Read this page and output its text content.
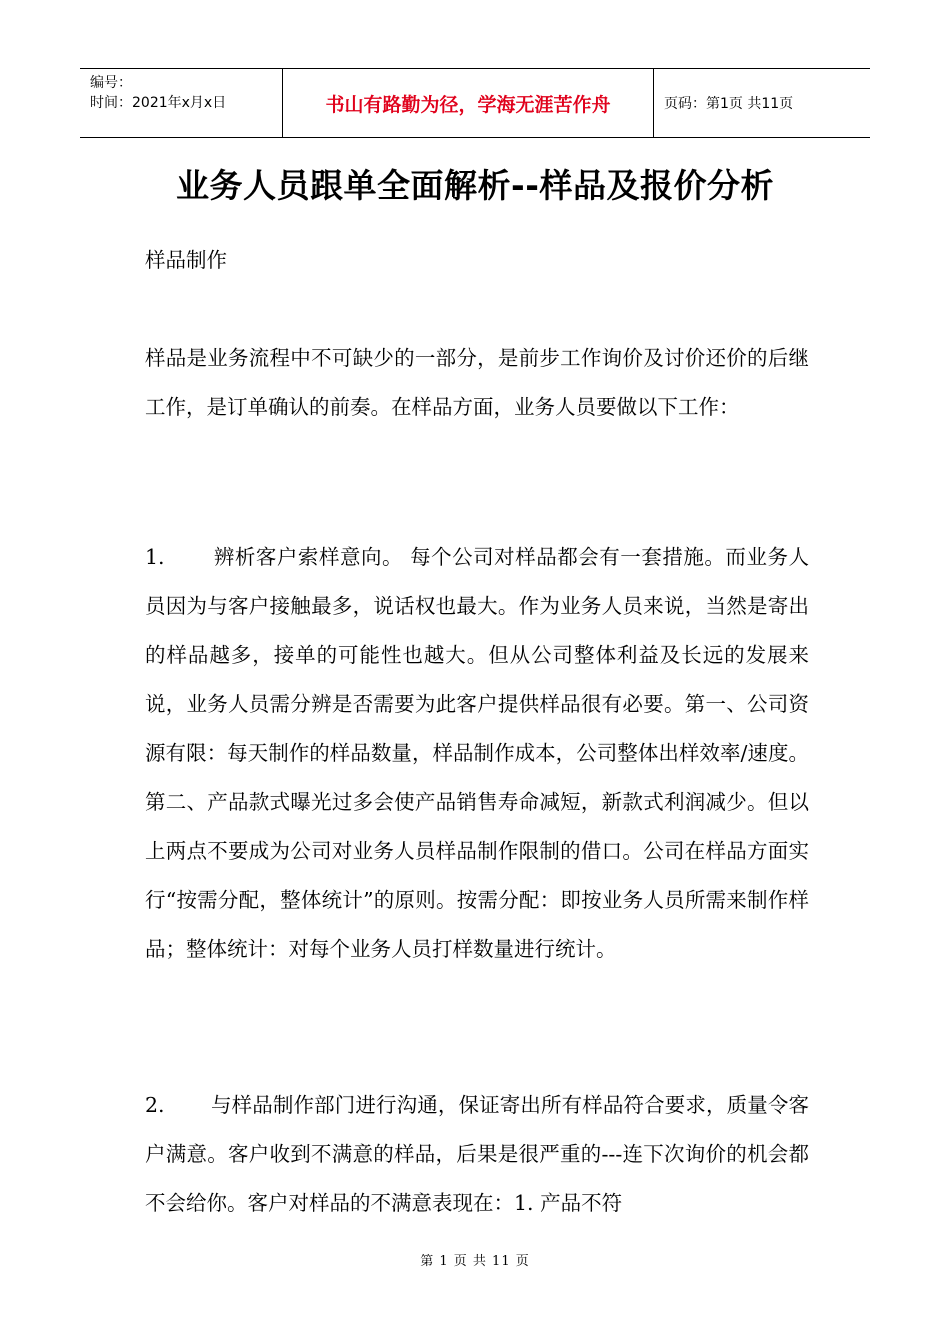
编号：
时间：2021年x月x日	书山有路勤为径，学海无涯苦作舟	页码：第1页 共11页
业务人员跟单全面解析--样品及报价分析
样品制作
样品是业务流程中不可缺少的一部分，是前步工作询价及讨价还价的后继工作，是订单确认的前奏。在样品方面，业务人员要做以下工作：
1.       辨析客户索样意向。 每个公司对样品都会有一套措施。而业务人员因为与客户接触最多，说话权也最大。作为业务人员来说，当然是寄出的样品越多，接单的可能性也越大。但从公司整体利益及长远的发展来说，业务人员需分辨是否需要为此客户提供样品很有必要。第一、公司资源有限：每天制作的样品数量，样品制作成本，公司整体出样效率/速度。 第二、产品款式曝光过多会使产品销售寿命减短，新款式利润减少。但以上两点不要成为公司对业务人员样品制作限制的借口。公司在样品方面实行“按需分配，整体统计”的原则。按需分配：即按业务人员所需来制作样品；整体统计：对每个业务人员打样数量进行统计。
2.       与样品制作部门进行沟通，保证寄出所有样品符合要求，质量令客户满意。客户收到不满意的样品，后果是很严重的---连下次询价的机会都不会给你。客户对样品的不满意表现在：1. 产品不符
第 1 页 共 11 页
